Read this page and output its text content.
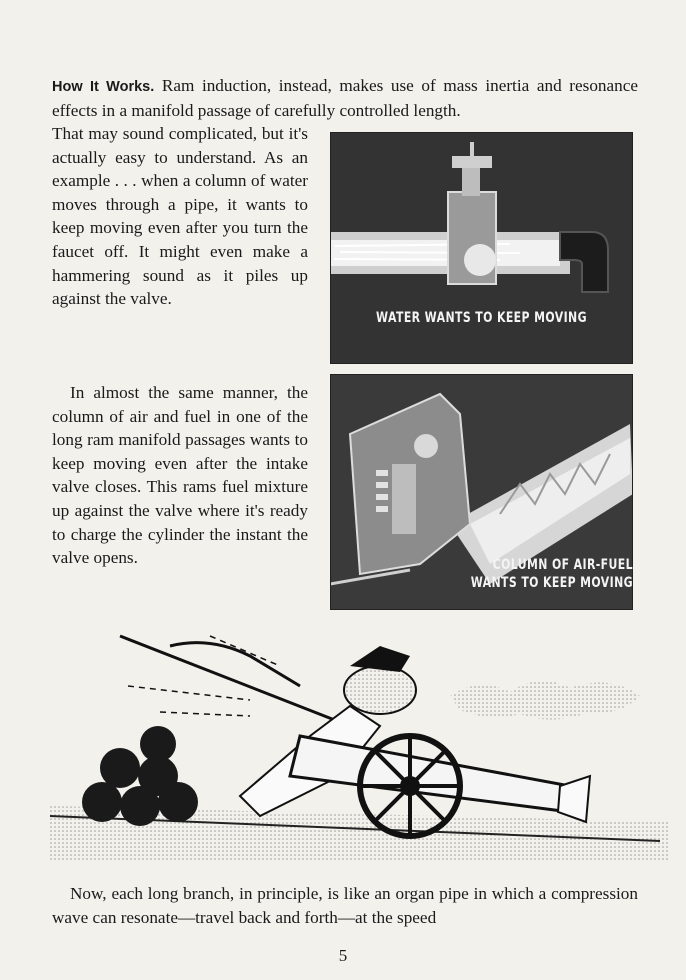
How It Works. Ram induction, instead, makes use of mass inertia and resonance effects in a manifold passage of carefully controlled length.

That may sound complicated, but it's actually easy to understand. As an example . . . when a column of water moves through a pipe, it wants to keep moving even after you turn the faucet off. It might even make a hammering sound as it piles up against the valve.

WATER WANTS TO KEEP MOVING

In almost the same manner, the column of air and fuel in one of the long ram manifold passages wants to keep moving even after the intake valve closes. This rams fuel mixture up against the valve where it's ready to charge the cylinder the instant the valve opens.	COLUMN OF AIR-FUEL
WANTS TO KEEP MOVING

Now, each long branch, in principle, is like an organ pipe in which a compression wave can resonate—travel back and forth—at the speed

5
